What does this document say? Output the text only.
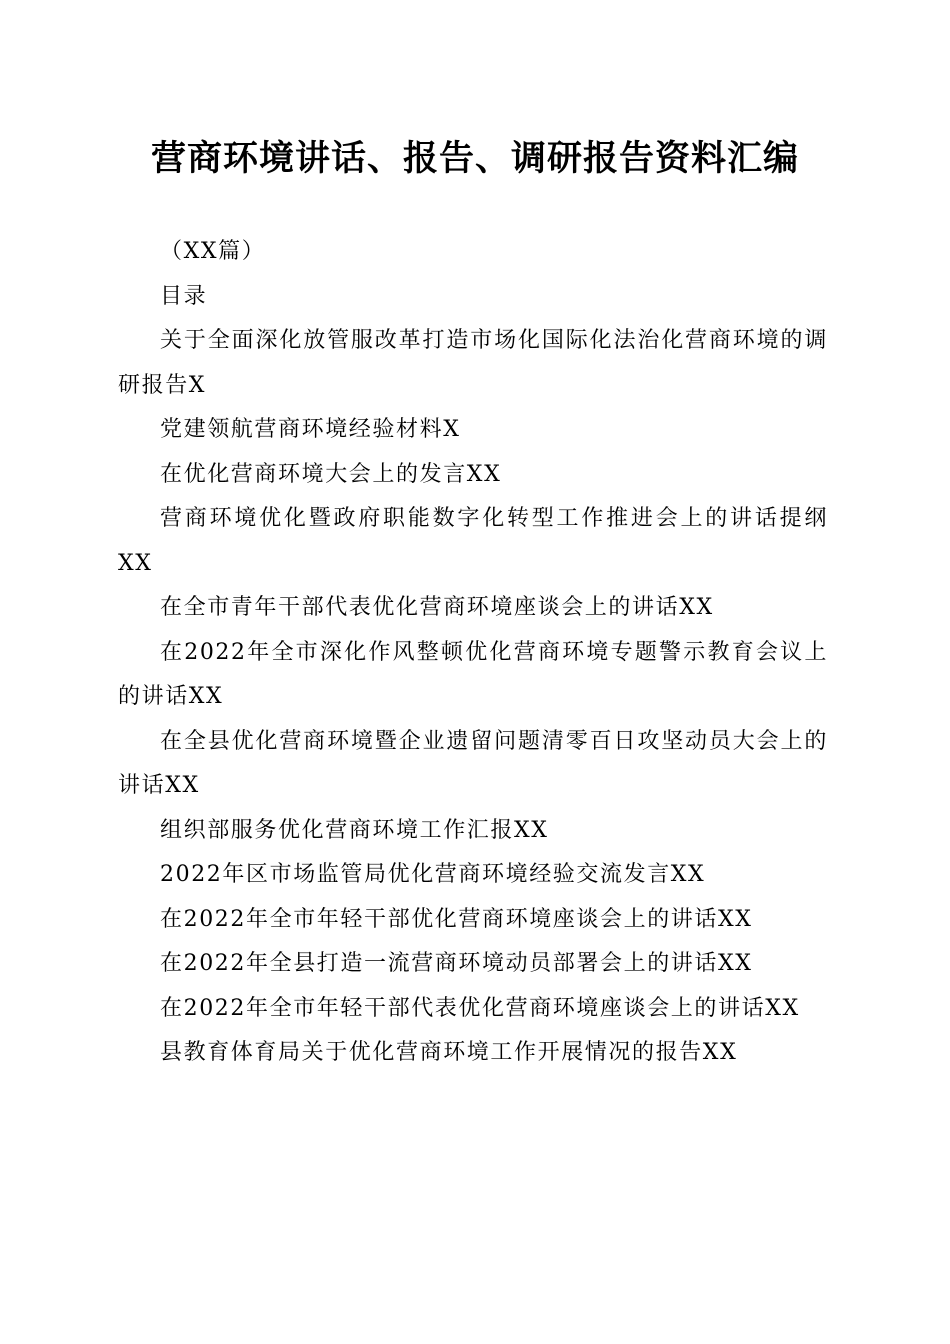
营商环境讲话、报告、调研报告资料汇编

（XX篇）

目录

关于全面深化放管服改革打造市场化国际化法治化营商环境的调研报告X

党建领航营商环境经验材料X

在优化营商环境大会上的发言XX

营商环境优化暨政府职能数字化转型工作推进会上的讲话提纲XX

在全市青年干部代表优化营商环境座谈会上的讲话XX

在2022年全市深化作风整顿优化营商环境专题警示教育会议上的讲话XX

在全县优化营商环境暨企业遗留问题清零百日攻坚动员大会上的讲话XX

组织部服务优化营商环境工作汇报XX

2022年区市场监管局优化营商环境经验交流发言XX

在2022年全市年轻干部优化营商环境座谈会上的讲话XX

在2022年全县打造一流营商环境动员部署会上的讲话XX

在2022年全市年轻干部代表优化营商环境座谈会上的讲话XX

县教育体育局关于优化营商环境工作开展情况的报告XX
